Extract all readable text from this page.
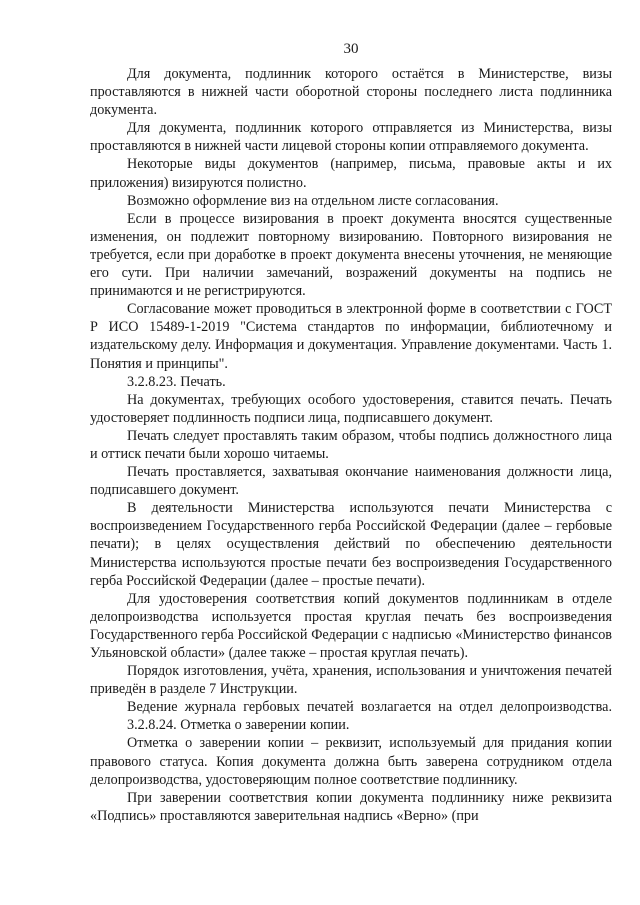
30

Для документа, подлинник которого остаётся в Министерстве, визы проставляются в нижней части оборотной стороны последнего листа подлинника документа.

Для документа, подлинник которого отправляется из Министерства, визы проставляются в нижней части лицевой стороны копии отправляемого документа.

Некоторые виды документов (например, письма, правовые акты и их приложения) визируются полистно.

Возможно оформление виз на отдельном листе согласования.

Если в процессе визирования в проект документа вносятся существенные изменения, он подлежит повторному визированию. Повторного визирования не требуется, если при доработке в проект документа внесены уточнения, не меняющие его сути. При наличии замечаний, возражений документы на подпись не принимаются и не регистрируются.

Согласование может проводиться в электронной форме в соответствии с ГОСТ Р ИСО 15489-1-2019 "Система стандартов по информации, библиотечному и издательскому делу. Информация и документация. Управление документами. Часть 1. Понятия и принципы".

3.2.8.23. Печать.

На документах, требующих особого удостоверения, ставится печать. Печать удостоверяет подлинность подписи лица, подписавшего документ.

Печать следует проставлять таким образом, чтобы подпись должностного лица и оттиск печати были хорошо читаемы.

Печать проставляется, захватывая окончание наименования должности лица, подписавшего документ.

В деятельности Министерства используются печати Министерства с воспроизведением Государственного герба Российской Федерации (далее – гербовые печати); в целях осуществления действий по обеспечению деятельности Министерства используются простые печати без воспроизведения Государственного герба Российской Федерации (далее – простые печати).

Для удостоверения соответствия копий документов подлинникам в отделе делопроизводства используется простая круглая печать без воспроизведения Государственного герба Российской Федерации с надписью «Министерство финансов Ульяновской области» (далее также – простая круглая печать).

Порядок изготовления, учёта, хранения, использования и уничтожения печатей приведён в разделе 7 Инструкции.

Ведение журнала гербовых печатей возлагается на отдел делопроизводства.

3.2.8.24. Отметка о заверении копии.

Отметка о заверении копии – реквизит, используемый для придания копии правового статуса. Копия документа должна быть заверена сотрудником отдела делопроизводства, удостоверяющим полное соответствие подлиннику.

При заверении соответствия копии документа подлиннику ниже реквизита «Подпись» проставляются заверительная надпись «Верно» (при
